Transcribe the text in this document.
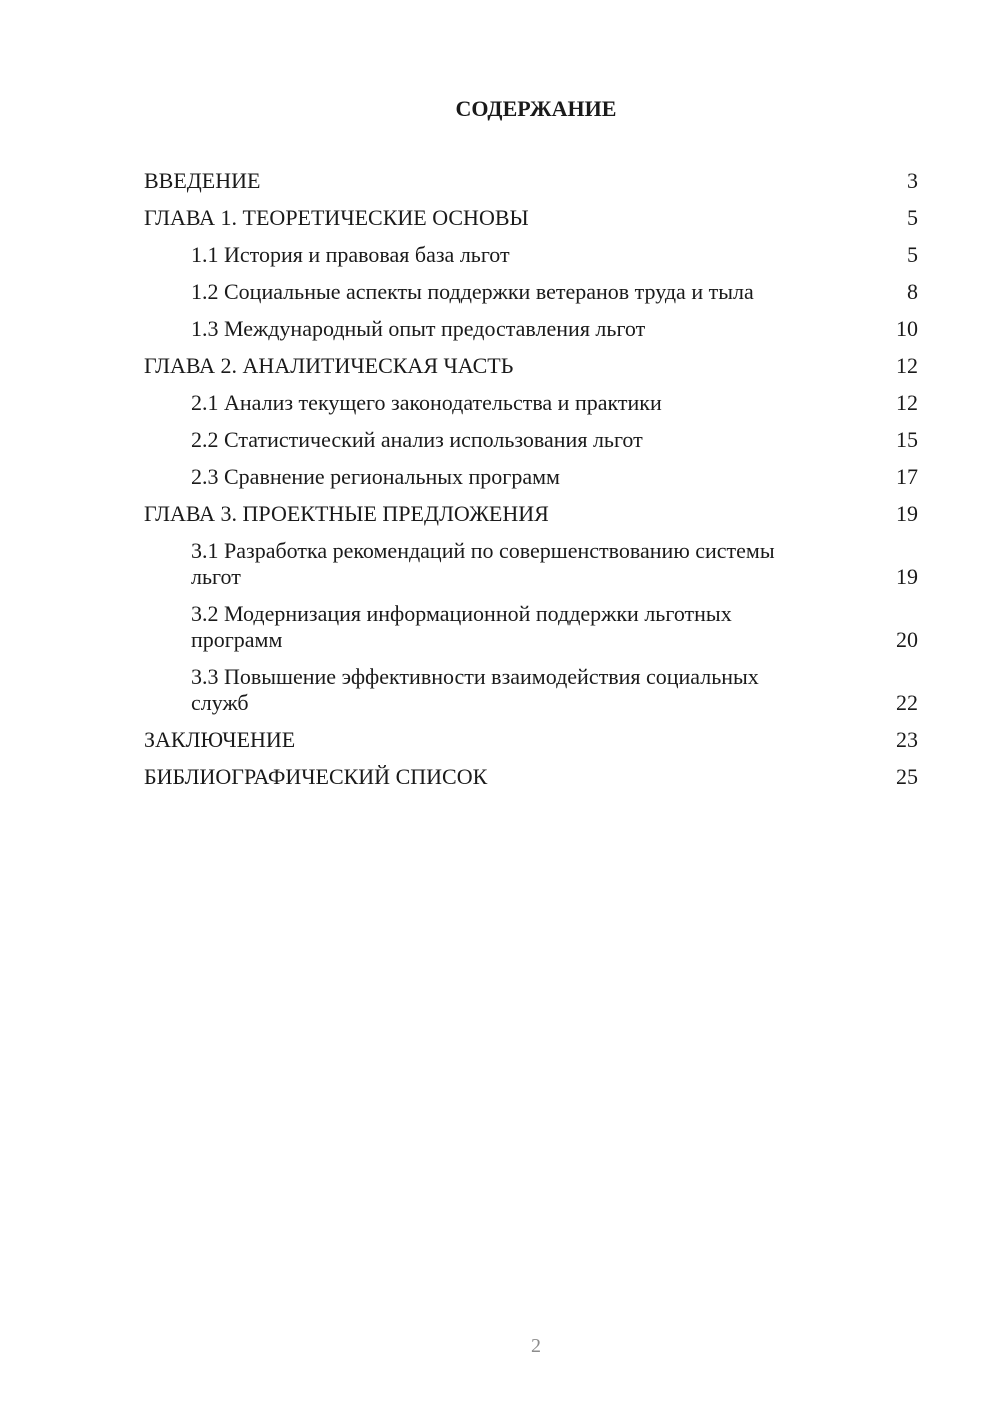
СОДЕРЖАНИЕ
ВВЕДЕНИЕ	3
ГЛАВА 1. ТЕОРЕТИЧЕСКИЕ ОСНОВЫ	5
1.1 История и правовая база льгот	5
1.2 Социальные аспекты поддержки ветеранов труда и тыла	8
1.3 Международный опыт предоставления льгот	10
ГЛАВА 2. АНАЛИТИЧЕСКАЯ ЧАСТЬ	12
2.1 Анализ текущего законодательства и практики	12
2.2 Статистический анализ использования льгот	15
2.3 Сравнение региональных программ	17
ГЛАВА 3. ПРОЕКТНЫЕ ПРЕДЛОЖЕНИЯ	19
3.1 Разработка рекомендаций по совершенствованию системы льгот	19
3.2 Модернизация информационной поддержки льготных программ	20
3.3 Повышение эффективности взаимодействия социальных служб	22
ЗАКЛЮЧЕНИЕ	23
БИБЛИОГРАФИЧЕСКИЙ СПИСОК	25
2
